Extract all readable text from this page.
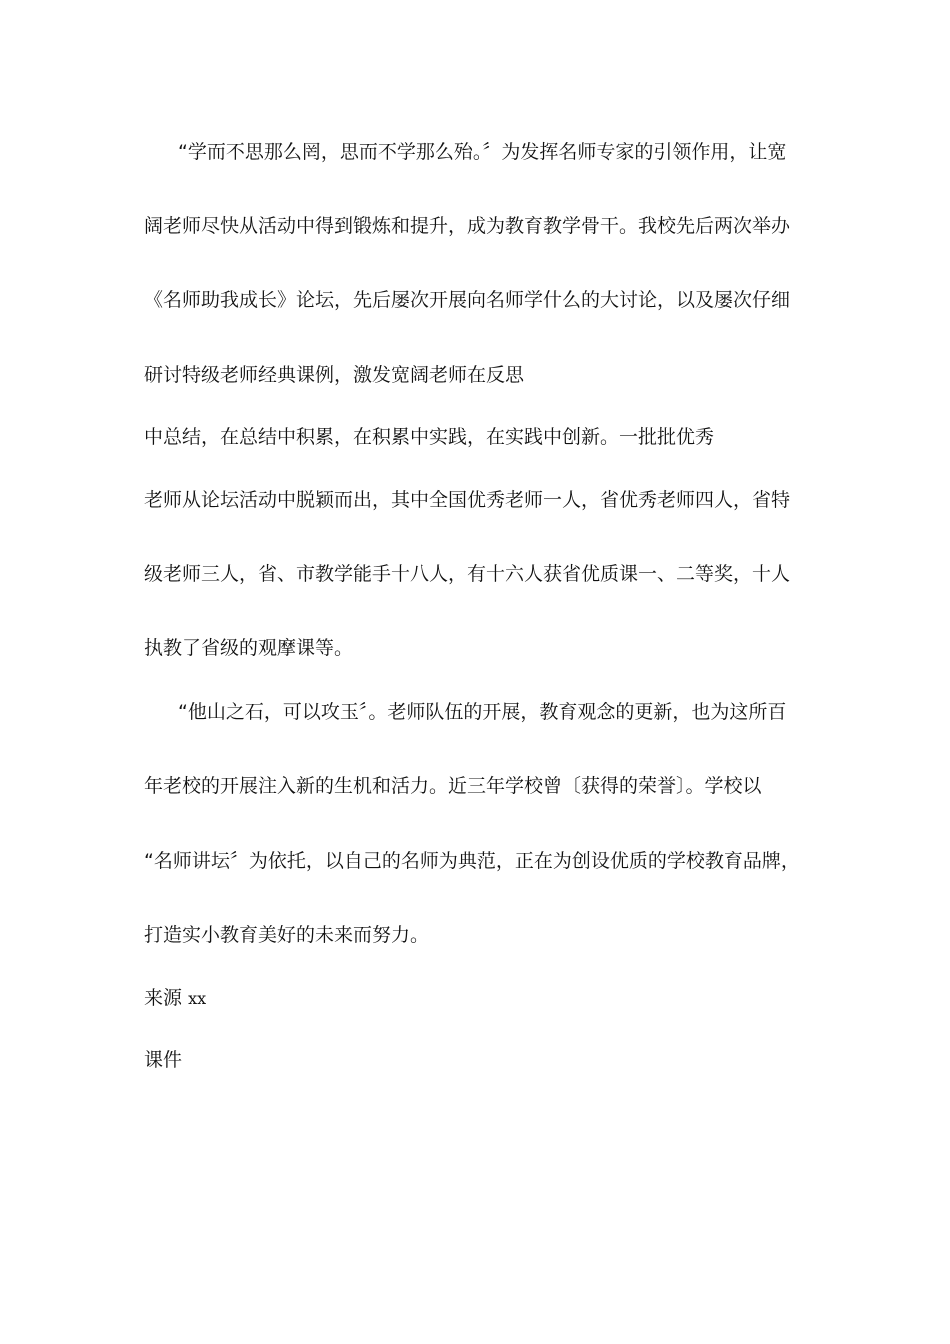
“学而不思那么罔，思而不学那么殆。〞为发挥名师专家的引领作用，让宽
阔老师尽快从活动中得到锻炼和提升，成为教育教学骨干。我校先后两次举办
《名师助我成长》论坛，先后屡次开展向名师学什么的大讨论，以及屡次仔细
研讨特级老师经典课例，激发宽阔老师在反思
中总结，在总结中积累，在积累中实践，在实践中创新。一批批优秀
老师从论坛活动中脱颖而出，其中全国优秀老师一人，省优秀老师四人，省特
级老师三人，省、市教学能手十八人，有十六人获省优质课一、二等奖，十人
执教了省级的观摩课等。
“他山之石，可以攻玉〞。老师队伍的开展，教育观念的更新，也为这所百
年老校的开展注入新的生机和活力。近三年学校曾〔获得的荣誉〕。学校以
“名师讲坛〞为依托，以自己的名师为典范，正在为创设优质的学校教育品牌，
打造实小教育美好的未来而努力。
来源 xx
课件
